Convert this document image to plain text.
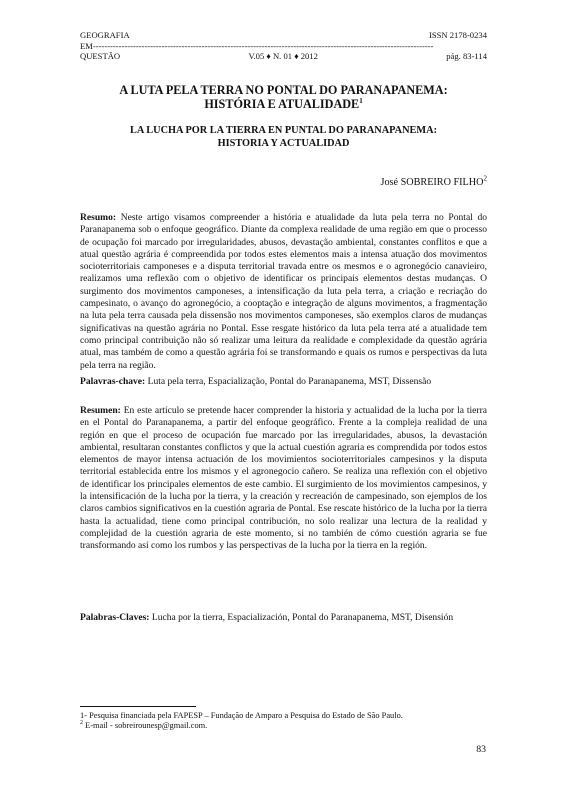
GEOGRAFIA	ISSN 2178-0234
EM-----------------------------------------------------------------------------------------------------------------------
QUESTÃO	V.05 ♦ N. 01 ♦ 2012	pág. 83-114
A LUTA PELA TERRA NO PONTAL DO PARANAPANEMA:
HISTÓRIA E ATUALIDADE$^1$
LA LUCHA POR LA TIERRA EN PUNTAL DO PARANAPANEMA:
HISTORIA Y ACTUALIDAD
José SOBREIRO FILHO$^2$
Resumo: Neste artigo visamos compreender a história e atualidade da luta pela terra no Pontal do Paranapanema sob o enfoque geográfico. Diante da complexa realidade de uma região em que o processo de ocupação foi marcado por irregularidades, abusos, devastação ambiental, constantes conflitos e que a atual questão agrária é compreendida por todos estes elementos mais a intensa atuação dos movimentos socioterritoriais camponeses e a disputa territorial travada entre os mesmos e o agronegócio canavieiro, realizamos uma reflexão com o objetivo de identificar os principais elementos destas mudanças. O surgimento dos movimentos camponeses, a intensificação da luta pela terra, a criação e recriação do campesinato, o avanço do agronegócio, a cooptação e integração de alguns movimentos, a fragmentação na luta pela terra causada pela dissensão nos movimentos camponeses, são exemplos claros de mudanças significativas na questão agrária no Pontal. Esse resgate histórico da luta pela terra até a atualidade tem como principal contribuição não só realizar uma leitura da realidade e complexidade da questão agrária atual, mas também de como a questão agrária foi se transformando e quais os rumos e perspectivas da luta pela terra na região.
Palavras-chave: Luta pela terra, Espacialização, Pontal do Paranapanema, MST, Dissensão
Resumen: En este artículo se pretende hacer comprender la historia y actualidad de la lucha por la tierra en el Pontal do Paranapanema, a partir del enfoque geográfico. Frente a la compleja realidad de una región en que el proceso de ocupación fue marcado por las irregularidades, abusos, la devastación ambiental, resultaran constantes conflictos y que la actual cuestión agraria es comprendida por todos estos elementos de mayor intensa actuación de los movimientos socioterritoriales campesinos y la disputa territorial establecida entre los mismos y el agronegocio cañero. Se realiza una reflexión con el objetivo de identificar los principales elementos de este cambio. El surgimiento de los movimientos campesinos, y la intensificación de la lucha por la tierra, y la creación y recreación de campesinado, son ejemplos de los claros cambios significativos en la cuestión agraria de Pontal. Ese rescate histórico de la lucha por la tierra hasta la actualidad, tiene como principal contribución, no solo realizar una lectura de la realidad y complejidad de la cuestión agraria de este momento, si no también de cómo cuestión agraria se fue transformando así como los rumbos y las perspectivas de la lucha por la tierra en la región.
Palabras-Claves: Lucha por la tierra, Espacialización, Pontal do Paranapanema, MST, Disensión
1- Pesquisa financiada pela FAPESP – Fundação de Amparo a Pesquisa do Estado de São Paulo.
$^2$ E-mail - sobreirounesp@gmail.com.
83
